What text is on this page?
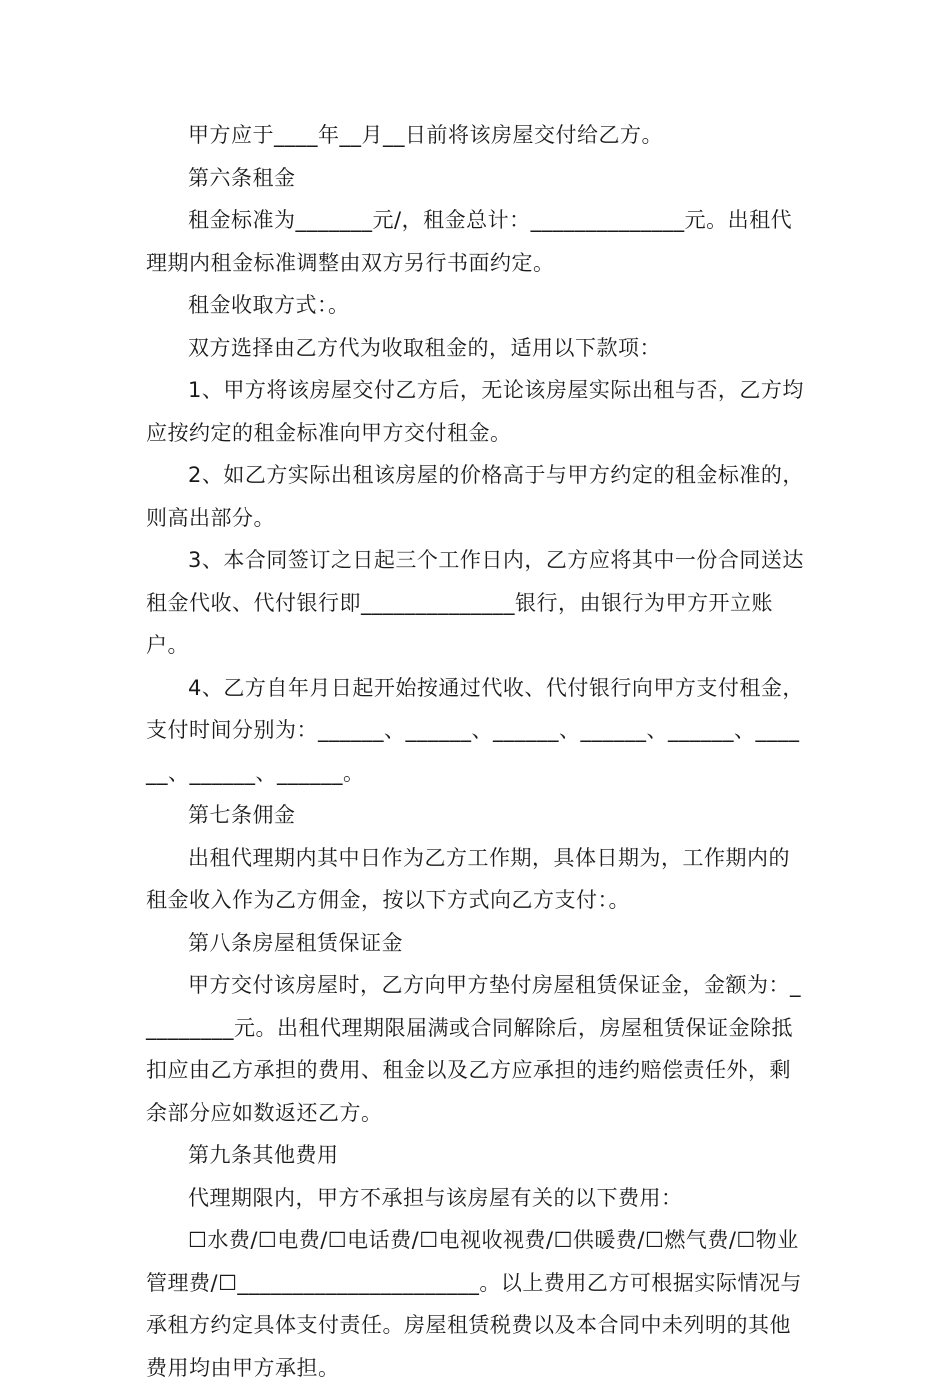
甲方应于____年__月__日前将该房屋交付给乙方。

第六条租金

租金标准为_______元/，租金总计：______________元。出租代理期内租金标准调整由双方另行书面约定。

租金收取方式：。

双方选择由乙方代为收取租金的，适用以下款项：

1、甲方将该房屋交付乙方后，无论该房屋实际出租与否，乙方均应按约定的租金标准向甲方交付租金。

2、如乙方实际出租该房屋的价格高于与甲方约定的租金标准的，则高出部分。

3、本合同签订之日起三个工作日内，乙方应将其中一份合同送达租金代收、代付银行即______________银行，由银行为甲方开立账户。

4、乙方自年月日起开始按通过代收、代付银行向甲方支付租金，支付时间分别为：______、______、______、______、______、______、______、______。

第七条佣金

出租代理期内其中日作为乙方工作期，具体日期为，工作期内的租金收入作为乙方佣金，按以下方式向乙方支付：。

第八条房屋租赁保证金

甲方交付该房屋时，乙方向甲方垫付房屋租赁保证金，金额为：_________元。出租代理期限届满或合同解除后，房屋租赁保证金除抵扣应由乙方承担的费用、租金以及乙方应承担的违约赔偿责任外，剩余部分应如数返还乙方。

第九条其他费用

代理期限内，甲方不承担与该房屋有关的以下费用：

☐水费/☐电费/☐电话费/☐电视收视费/☐供暖费/☐燃气费/☐物业管理费/☐______________________。以上费用乙方可根据实际情况与承租方约定具体支付责任。房屋租赁税费以及本合同中未列明的其他费用均由甲方承担。
